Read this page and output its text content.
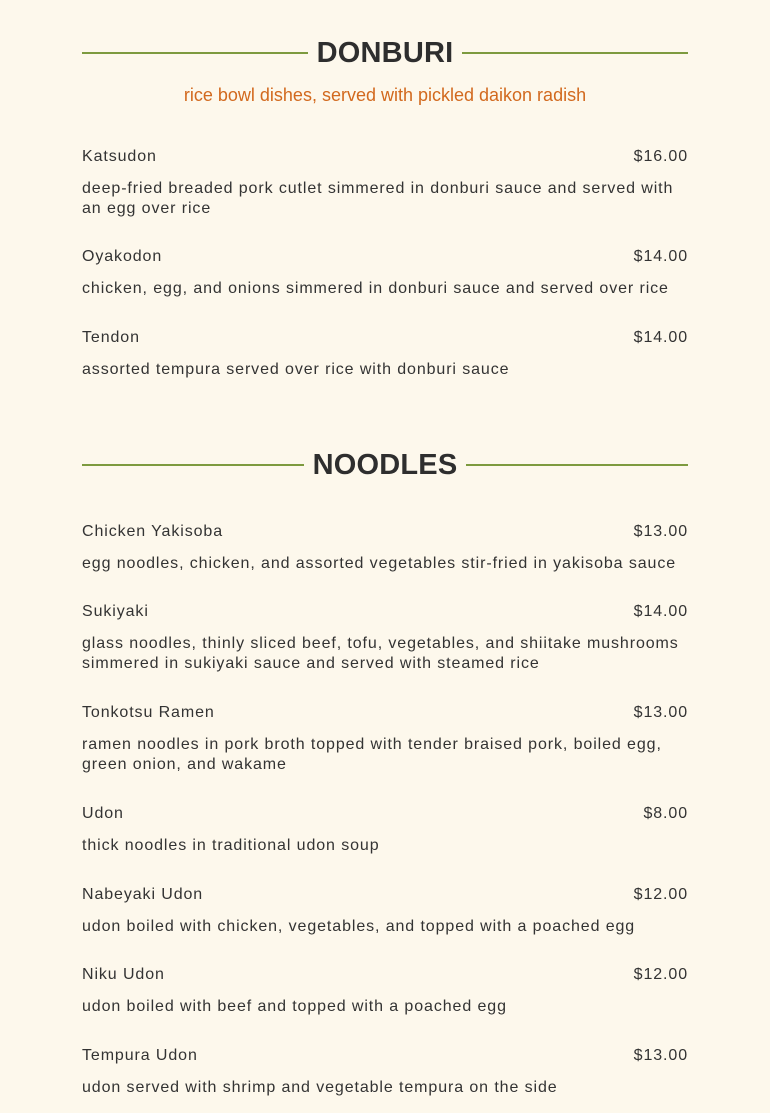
DONBURI
rice bowl dishes, served with pickled daikon radish
Katsudon	$16.00
deep-fried breaded pork cutlet simmered in donburi sauce and served with an egg over rice
Oyakodon	$14.00
chicken, egg, and onions simmered in donburi sauce and served over rice
Tendon	$14.00
assorted tempura served over rice with donburi sauce
NOODLES
Chicken Yakisoba	$13.00
egg noodles, chicken, and assorted vegetables stir-fried in yakisoba sauce
Sukiyaki	$14.00
glass noodles, thinly sliced beef, tofu, vegetables, and shiitake mushrooms simmered in sukiyaki sauce and served with steamed rice
Tonkotsu Ramen	$13.00
ramen noodles in pork broth topped with tender braised pork, boiled egg, green onion, and wakame
Udon	$8.00
thick noodles in traditional udon soup
Nabeyaki Udon	$12.00
udon boiled with chicken, vegetables, and topped with a poached egg
Niku Udon	$12.00
udon boiled with beef and topped with a poached egg
Tempura Udon	$13.00
udon served with shrimp and vegetable tempura on the side
